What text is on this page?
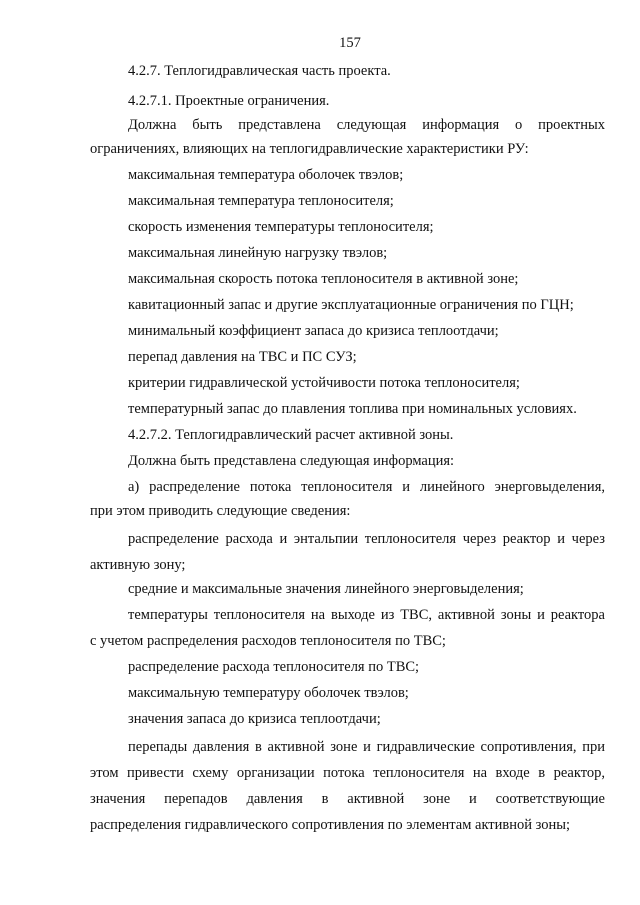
157
4.2.7. Теплогидравлическая часть проекта.
4.2.7.1. Проектные ограничения.
Должна быть представлена следующая информация о проектных
ограничениях, влияющих на теплогидравлические характеристики РУ:
максимальная температура оболочек твэлов;
максимальная температура теплоносителя;
скорость изменения температуры теплоносителя;
максимальная линейную нагрузку твэлов;
максимальная скорость потока теплоносителя в активной зоне;
кавитационный запас и другие эксплуатационные ограничения по ГЦН;
минимальный коэффициент запаса до кризиса теплоотдачи;
перепад давления на ТВС и ПС СУЗ;
критерии гидравлической устойчивости потока теплоносителя;
температурный запас до плавления топлива при номинальных условиях.
4.2.7.2. Теплогидравлический расчет активной зоны.
Должна быть представлена следующая информация:
а) распределение потока теплоносителя и линейного энерговыделения,
при этом приводить следующие сведения:
распределение расхода и энтальпии теплоносителя через реактор и через
активную зону;
средние и максимальные значения линейного энерговыделения;
температуры теплоносителя на выходе из ТВС, активной зоны и реактора
с учетом распределения расходов теплоносителя по ТВС;
распределение расхода теплоносителя по ТВС;
максимальную температуру оболочек твэлов;
значения запаса до кризиса теплоотдачи;
перепады давления в активной зоне и гидравлические сопротивления, при
этом привести схему организации потока теплоносителя на входе в реактор,
значения перепадов давления в активной зоне и соответствующие
распределения гидравлического сопротивления по элементам активной зоны;
